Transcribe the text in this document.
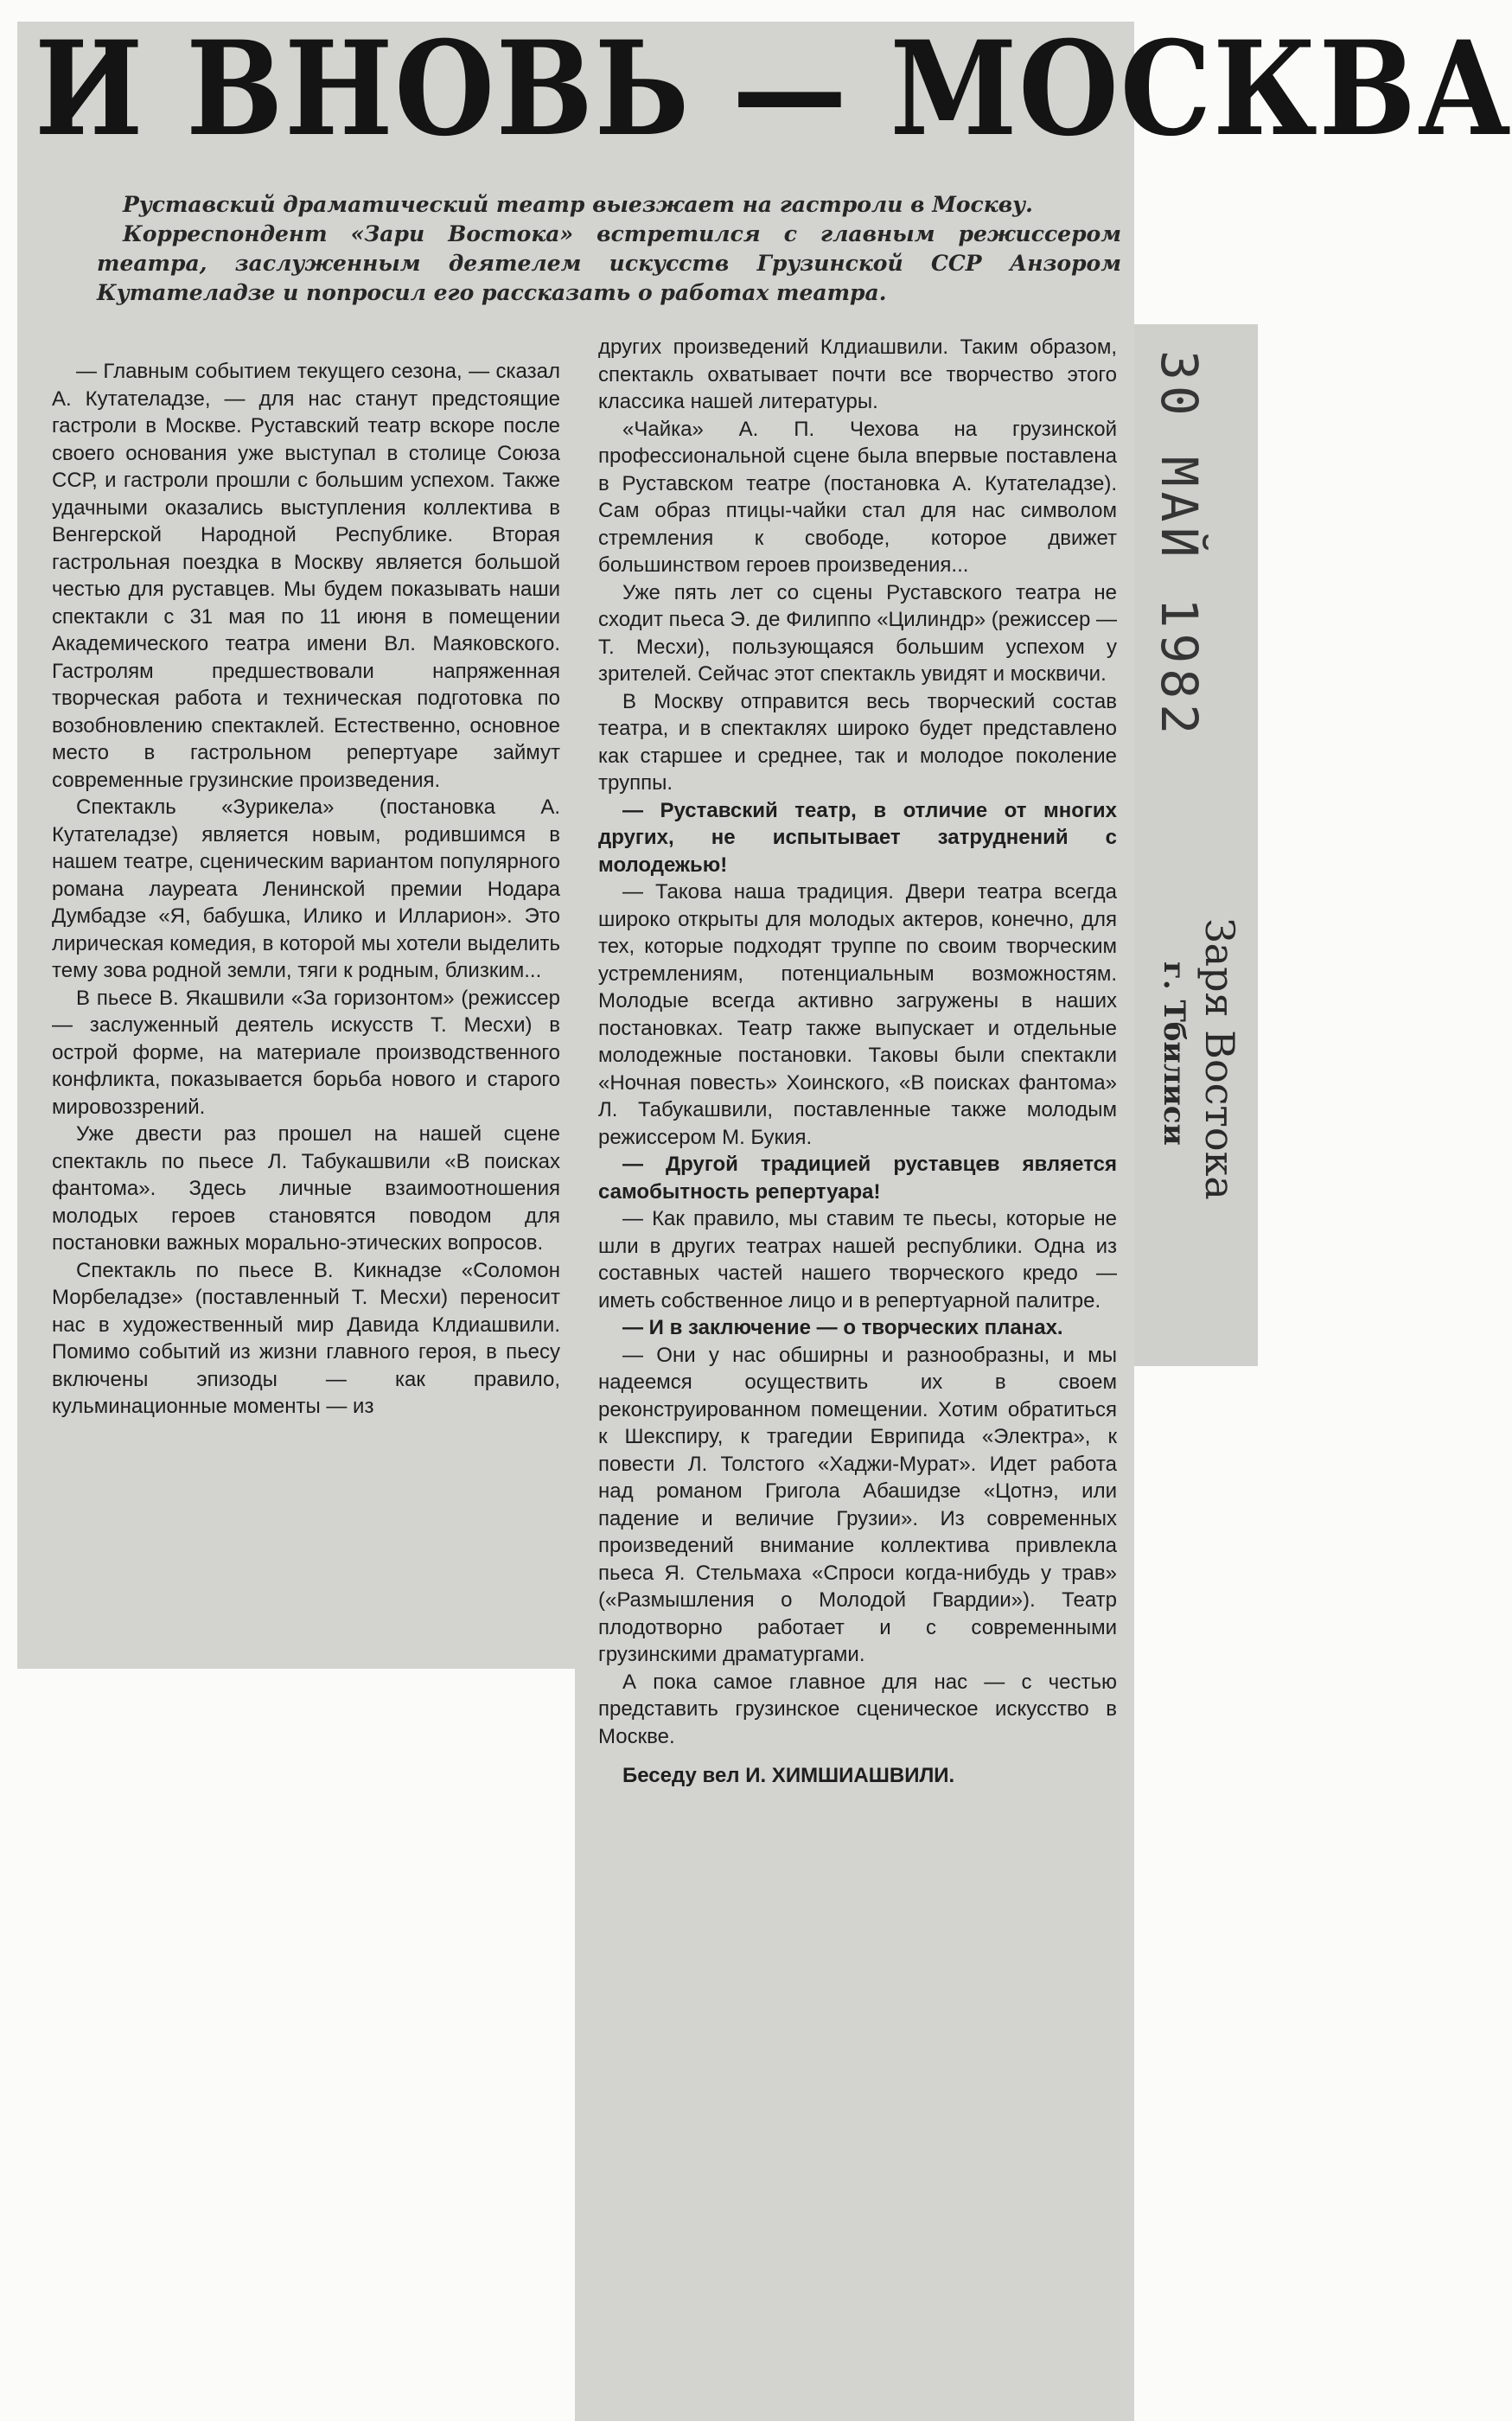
И ВНОВЬ — МОСКВА

Руставский драматический театр выезжает на гастроли в Москву.

Корреспондент «Зари Востока» встретился с главным режиссером театра, заслуженным деятелем искусств Грузинской ССР Анзором Кутателадзе и попросил его рассказать о работах театра.

— Главным событием текущего сезона, — сказал А. Кутателадзе, — для нас станут предстоящие гастроли в Москве. Руставский театр вскоре после своего основания уже выступал в столице Союза ССР, и гастроли прошли с большим успехом. Также удачными оказались выступления коллектива в Венгерской Народной Республике. Вторая гастрольная поездка в Москву является большой честью для руставцев. Мы будем показывать наши спектакли с 31 мая по 11 июня в помещении Академического театра имени Вл. Маяковского. Гастролям предшествовали напряженная творческая работа и техническая подготовка по возобновлению спектаклей. Естественно, основное место в гастрольном репертуаре займут современные грузинские произведения.

Спектакль «Зурикела» (постановка А. Кутателадзе) является новым, родившимся в нашем театре, сценическим вариантом популярного романа лауреата Ленинской премии Нодара Думбадзе «Я, бабушка, Илико и Илларион». Это лирическая комедия, в которой мы хотели выделить тему зова родной земли, тяги к родным, близким...

В пьесе В. Якашвили «За горизонтом» (режиссер — заслуженный деятель искусств Т. Месхи) в острой форме, на материале производственного конфликта, показывается борьба нового и старого мировоззрений.

Уже двести раз прошел на нашей сцене спектакль по пьесе Л. Табукашвили «В поисках фантома». Здесь личные взаимоотношения молодых героев становятся поводом для постановки важных морально-этических вопросов.

Спектакль по пьесе В. Кикнадзе «Соломон Морбеладзе» (поставленный Т. Месхи) переносит нас в художественный мир Давида Клдиашвили. Помимо событий из жизни главного героя, в пьесу включены эпизоды — как правило, кульминационные моменты — из

других произведений Клдиашвили. Таким образом, спектакль охватывает почти все творчество этого классика нашей литературы.

«Чайка» А. П. Чехова на грузинской профессиональной сцене была впервые поставлена в Руставском театре (постановка А. Кутателадзе). Сам образ птицы-чайки стал для нас символом стремления к свободе, которое движет большинством героев произведения...

Уже пять лет со сцены Руставского театра не сходит пьеса Э. де Филиппо «Цилиндр» (режиссер — Т. Месхи), пользующаяся большим успехом у зрителей. Сейчас этот спектакль увидят и москвичи.

В Москву отправится весь творческий состав театра, и в спектаклях широко будет представлено как старшее и среднее, так и молодое поколение труппы.

— Руставский театр, в отличие от многих других, не испытывает затруднений с молодежью!

— Такова наша традиция. Двери театра всегда широко открыты для молодых актеров, конечно, для тех, которые подходят труппе по своим творческим устремлениям, потенциальным возможностям. Молодые всегда активно загружены в наших постановках. Театр также выпускает и отдельные молодежные постановки. Таковы были спектакли «Ночная повесть» Хоинского, «В поисках фантома» Л. Табукашвили, поставленные также молодым режиссером М. Букия.

— Другой традицией руставцев является самобытность репертуара!

— Как правило, мы ставим те пьесы, которые не шли в других театрах нашей республики. Одна из составных частей нашего творческого кредо — иметь собственное лицо и в репертуарной палитре.

— И в заключение — о творческих планах.

— Они у нас обширны и разнообразны, и мы надеемся осуществить их в своем реконструированном помещении. Хотим обратиться к Шекспиру, к трагедии Еврипида «Электра», к повести Л. Толстого «Хаджи-Мурат». Идет работа над романом Григола Абашидзе «Цотнэ, или падение и величие Грузии». Из современных произведений внимание коллектива привлекла пьеса Я. Стельмаха «Спроси когда-нибудь у трав» («Размышления о Молодой Гвардии»). Театр плодотворно работает и с современными грузинскими драматургами.

А пока самое главное для нас — с честью представить грузинское сценическое искусство в Москве.

Беседу вел И. ХИМШИАШВИЛИ.

30 МАЙ 1982
Заря Востока
г. Тбилиси
